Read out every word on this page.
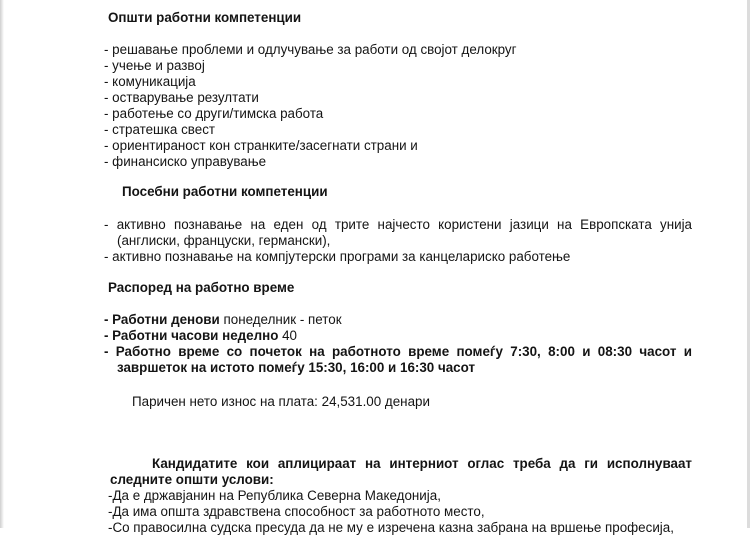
Општи работни компетенции
- решавање проблеми и одлучување за работи од својот делокруг
- учење и развој
- комуникација
- остварување резултати
- работење со други/тимска работа
- стратешка свест
- ориентираност кон странките/засегнати страни и
- финансиско управување
Посебни работни компетенции
- активно познавање на еден од трите најчесто користени јазици на Европската унија
(англиски, француски, германски),
- активно познавање на компјутерски програми за канцелариско работење
Распоред на работно време
- Работни денови понеделник - петок
- Работни часови неделно 40
- Работно време со почеток на работното време помеѓу 7:30, 8:00 и 08:30 часот и
завршеток на истото помеѓу 15:30, 16:00 и 16:30 часот
Паричен нето износ на плата: 24,531.00 денари
Кандидатите кои аплицираат на интерниот оглас треба да ги исполнуваат
следните општи услови:
-Да е државјанин на Република Северна Македонија,
-Да има општа здравствена способност за работното место,
-Со правосилна судска пресуда да не му е изречена казна забрана на вршење професија,
